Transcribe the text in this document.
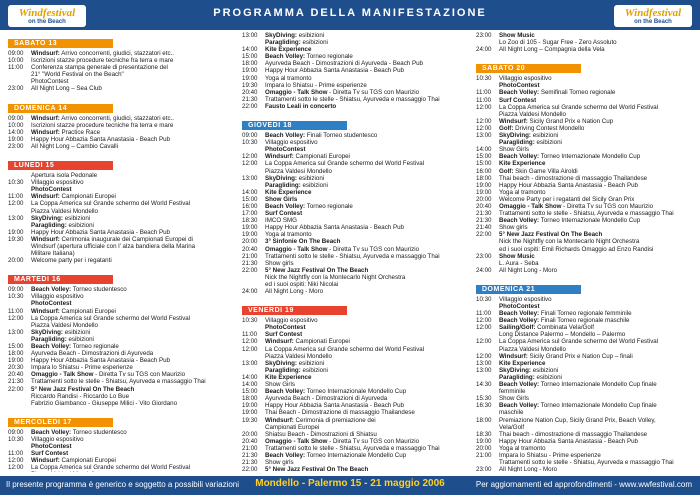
Windfestival
on the Beach
PROGRAMMA DELLA MANIFESTAZIONE	Windfestival
on the Beach
SABATO 13
09:00	Windsurf: Arrivo concorrenti, giudici, stazzatori etc..
10:00	Iscrizioni stazze procedure tecniche fra terra e mare
11:00	Conferenza stampa generale di presentazione del
21° "World Festival on the Beach"
PhotoContest
23:00	All Night Long – Sea Club
DOMENICA 14
09:00	Windsurf: Arrivo concorrenti, giudici, stazzatori etc..
10:00	Iscrizioni stazze procedure tecniche fra terra e mare
14:00	Windsurf: Practice Race
19:00	Happy Hour Abbazia Santa Anastasia - Beach Pub
23:00	All Night Long – Cambio Cavalli
LUNEDI 15
Apertura isola Pedonale
10:30	Villaggio espositivo
PhotoContest
11:00	Windsurf: Campionati Europei
12:00	La Coppa America sul Grande schermo del World Festival
Piazza Valdesi Mondello
13:00	SkyDiving: esibizioni
Paragliding: esibizioni
19:00	Happy Hour Abbazia Santa Anastasia - Beach Pub
19:30	Windsurf: Cerimonia inaugurale dei Campionati Europei di
Windsurf (apertura ufficiale con l' alza bandiera della Marina
Militare Italiana)
20:00	Welcome party per i regatanti
MARTEDI 16
09:00	Beach Volley: Torneo studentesco
10:30	Villaggio espositivo
PhotoContest
11:00	Windsurf: Campionati Europei
12:00	La Coppa America sul Grande schermo del World Festival
Piazza Valdesi Mondello
13:00	SkyDiving: esibizioni
Paragliding: esibizioni
15:00	Beach Volley: Torneo regionale
18:00	Ayurveda Beach - Dimostrazioni di Ayurveda
19:00	Happy Hour Abbazia Santa Anastasia - Beach Pub
20:30	Impara lo Shiatsu - Prime esperienze
20:40	Omaggio - Talk Show - Diretta Tv su TGS con Maurizio
21:30	Trattamenti sotto le stelle - Shiatsu, Ayurveda e massaggio Thai
22:00	5° New Jazz Festival On The Beach
Riccardo Randisi - Riccardo Lo Bue
Fabrizio Giambanco - Giuseppe Milici - Vito Giordano
MERCOLEDI 17
09:00	Beach Volley: Torneo studentesco
10:30	Villaggio espositivo
PhotoContest
11:00	Surf Contest
12:00	Windsurf: Campionati Europei
12:00	La Coppa America sul Grande schermo del World Festival
13:00	SkyDiving: esibizioni
Paragliding: esibizioni
14:00	Kite Experience
15:00	Beach Volley: Torneo regionale
18:00	Ayurveda Beach - Dimostrazioni di Ayurveda - Beach Pub
19:00	Happy Hour Abbazia Santa Anastasia - Beach Pub
19:00	Yoga al tramonto
19:30	Impara lo Shiatsu - Prime esperienze
20:40	Omaggio - Talk Show - Diretta Tv su TGS con Maurizio
21:30	Trattamenti sotto le stelle - Shiatsu, Ayurveda e massaggio Thai
22:00	Fausto Leali in concerto
GIOVEDI 18
09:00	Beach Volley: Finali Torneo studentesco
10:30	Villaggio espositivo
PhotoContest
12:00	Windsurf: Campionati Europei
12:00	La Coppa America sul Grande schermo del World Festival
Piazza Valdesi Mondello
13:00	SkyDiving: esibizioni
Paragliding: esibizioni
14:00	Kite Experience
15:00	Show Girls
16:00	Beach Volley: Torneo regionale
17:00	Surf Contest
18:30	IMCO SMG
19:00	Happy Hour Abbazia Santa Anastasia - Beach Pub
19:00	Yoga al tramonto
20:00	3° Sinfonie On The Beach
20:40	Omaggio - Talk Show - Diretta Tv su TGS con Maurizio
21:00	Trattamenti sotto le stelle - Shiatsu, Ayurveda e massaggio Thai
21:30	Show girls
22:00	5° New Jazz Festival On The Beach
Nick the Nightfly con la Montecarlo Night Orchestra
ed i suoi ospiti: Niki Nicolai
24:00	All Night Long - Moro
VENERDI 19
10:30	Villaggio espositivo
PhotoContest
11:00	Surf Contest
12:00	Windsurf: Campionati Europei
12:00	La Coppa America sul Grande schermo del World Festival
Piazza Valdesi Mondello
13:00	SkyDiving: esibizioni
Paragliding: esibizioni
14:00	Kite Experience
14:00	Show Girls
15:00	Beach Volley: Torneo Internazionale Mondello Cup
18:00	Ayurveda Beach - Dimostrazioni di Ayurveda
19:00	Happy Hour Abbazia Santa Anastasia - Beach Pub
19:00	Thai Beach - Dimostrazione di massaggio Thailandese
19:30	Windsurf: Cerimonia di premiazione dei
Campionati Europei
20:00	Shiatsu Beach - Dimostrazioni di Shiatsu
20:40	Omaggio - Talk Show - Diretta Tv su TGS con Maurizio
21:00	Trattamenti sotto le stelle - Shiatsu, Ayurveda e massaggio Thai
21:30	Beach Volley: Torneo Internazionale Mondello Cup
21:30	Show girls
22:00	5° New Jazz Festival On The Beach
23:00	Show Music
Lo Zoo di 105 - Sugar Free - Zero Assoluto
24:00	All Night Long – Compagnia della Vela
SABATO 20
10:30	Villaggio espositivo
PhotoContest
11:00	Beach Volley: Semifinali Torneo regionale
11:00	Surf Contest
12:00	La Coppa America sul Grande schermo del World Festival
Piazza Valdesi Mondello
12:00	Windsurf: Sicily Grand Prix e Nation Cup
12:00	Golf: Driving Contest Mondello
13:00	SkyDiving: esibizioni
Paragliding: esibizioni
14:00	Show Girls
15:00	Beach Volley: Torneo Internazionale Mondello Cup
15:00	Kite Experience
16:00	Golf: Skin Game Villa Airoldi
18:00	Thai beach - dimostrazione di massaggio Thailandese
19:00	Happy Hour Abbazia Santa Anastasia - Beach Pub
19:00	Yoga al tramonto
20:00	Welcome Party per i regatanti del Sicily Gran Prix
20:40	Omaggio - Talk Show - Diretta Tv su TGS con Maurizio
21:30	Trattamenti sotto le stelle - Shiatsu, Ayurveda e massaggio Thai
21:30	Beach Volley: Torneo Internazionale Mondello Cup
21:40	Show girls
22:00	5° New Jazz Festival On The Beach
Nick the Nightfly con la Montecarlo Night Orchestra
ed i suoi ospiti: Emil Richards Omaggio ad Enzo Randisi
23:00	Show Music
L. Aura - Seba
24:00	All Night Long - Moro
DOMENICA 21
10:30	Villaggio espositivo
PhotoContest
11:00	Beach Volley: Finali Torneo regionale femminile
12:00	Beach Volley: Finali Torneo regionale maschile
12:00	Sailing/Golf: Combinata Vela/Golf
Long Distance Palermo – Mondello – Palermo
12:00	La Coppa America sul Grande schermo del World Festival
Piazza Valdesi Mondello
12:00	Windsurf: Sicily Grand Prix e Nation Cup – finali
13:00	Kite Experience
13:00	SkyDiving: esibizioni
Paragliding: esibizioni
14:30	Beach Volley: Torneo Internazionale Mondello Cup finale
femminile
15:30	Show Girls
16:30	Beach Volley: Torneo Internazionale Mondello Cup finale
maschile
18:00	Premiazione Nation Cup, Sicily Grand Prix, Beach Volley,
Vela/Golf
18:30	Thai beach - dimostrazione di massaggio Thailandese
19:00	Happy Hour Abbazia Santa Anastasia - Beach Pub
20:00	Yoga al tramonto
21:00	Impara lo Shiatsu - Prime esperienze
Trattamenti sotto le stelle - Shiatsu, Ayurveda e massaggio Thai
23:00	All Night Long - Moro
Il presente programma è generico e soggetto a possibili variazioni	Mondello - Palermo 15 - 21 maggio 2006	Per aggiornamenti ed approfondimenti - www.wwfestival.com
